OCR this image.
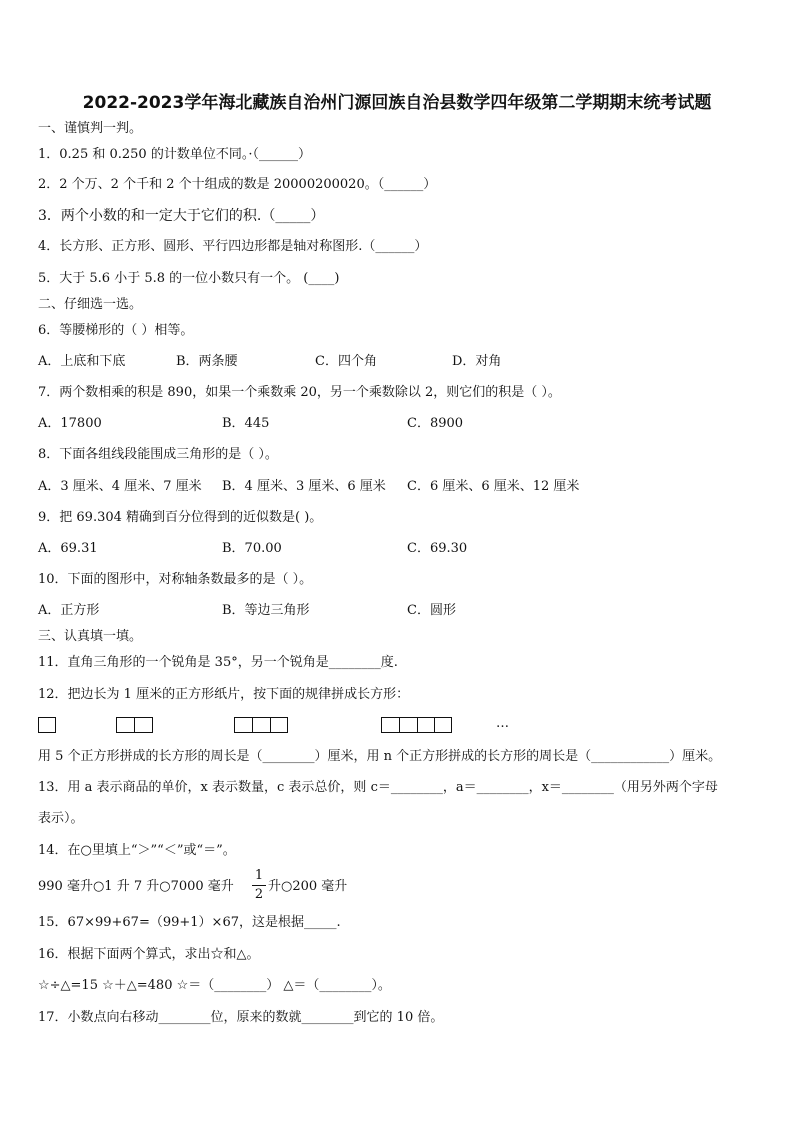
2022-2023学年海北藏族自治州门源回族自治县数学四年级第二学期期末统考试题
一、谨慎判一判。
1．0.25 和 0.250 的计数单位不同。·（______）
2．2 个万、2 个千和 2 个十组成的数是 20000200020。（______）
3．两个小数的和一定大于它们的积.（_____）
4．长方形、正方形、圆形、平行四边形都是轴对称图形.（______）
5．大于 5.6 小于 5.8 的一位小数只有一个。 (____)
二、仔细选一选。
6．等腰梯形的（ ）相等。
A．上底和下底	B．两条腰	C．四个角	D．对角
7．两个数相乘的积是 890，如果一个乘数乘 20，另一个乘数除以 2，则它们的积是（ ）。
A．17800	B．445	C．8900
8．下面各组线段能围成三角形的是（ ）。
A．3 厘米、4 厘米、7 厘米 B．4 厘米、3 厘米、6 厘米 C．6 厘米、6 厘米、12 厘米
9．把 69.304 精确到百分位得到的近似数是( )。
A．69.31	B．70.00	C．69.30
10．下面的图形中，对称轴条数最多的是（ ）。
A．正方形	B．等边三角形	C．圆形
三、认真填一填。
11．直角三角形的一个锐角是 35°，另一个锐角是________度.
12．把边长为 1 厘米的正方形纸片，按下面的规律拼成长方形：
…
用 5 个正方形拼成的长方形的周长是（________）厘米，用 n 个正方形拼成的长方形的周长是（____________）厘米。
13．用 a 表示商品的单价，x 表示数量，c 表示总价，则 c＝________，a＝________，x＝________（用另外两个字母
表示）。
14．在○里填上“＞”“＜”或“＝”。
990 毫升○1 升 7 升○7000 毫升
1
2
升○200 毫升
15．67×99+67=（99+1）×67，这是根据_____.
16．根据下面两个算式，求出☆和△。
☆÷△=15 ☆＋△=480 ☆＝（________） △＝（________）。
17．小数点向右移动________位，原来的数就________到它的 10 倍。
